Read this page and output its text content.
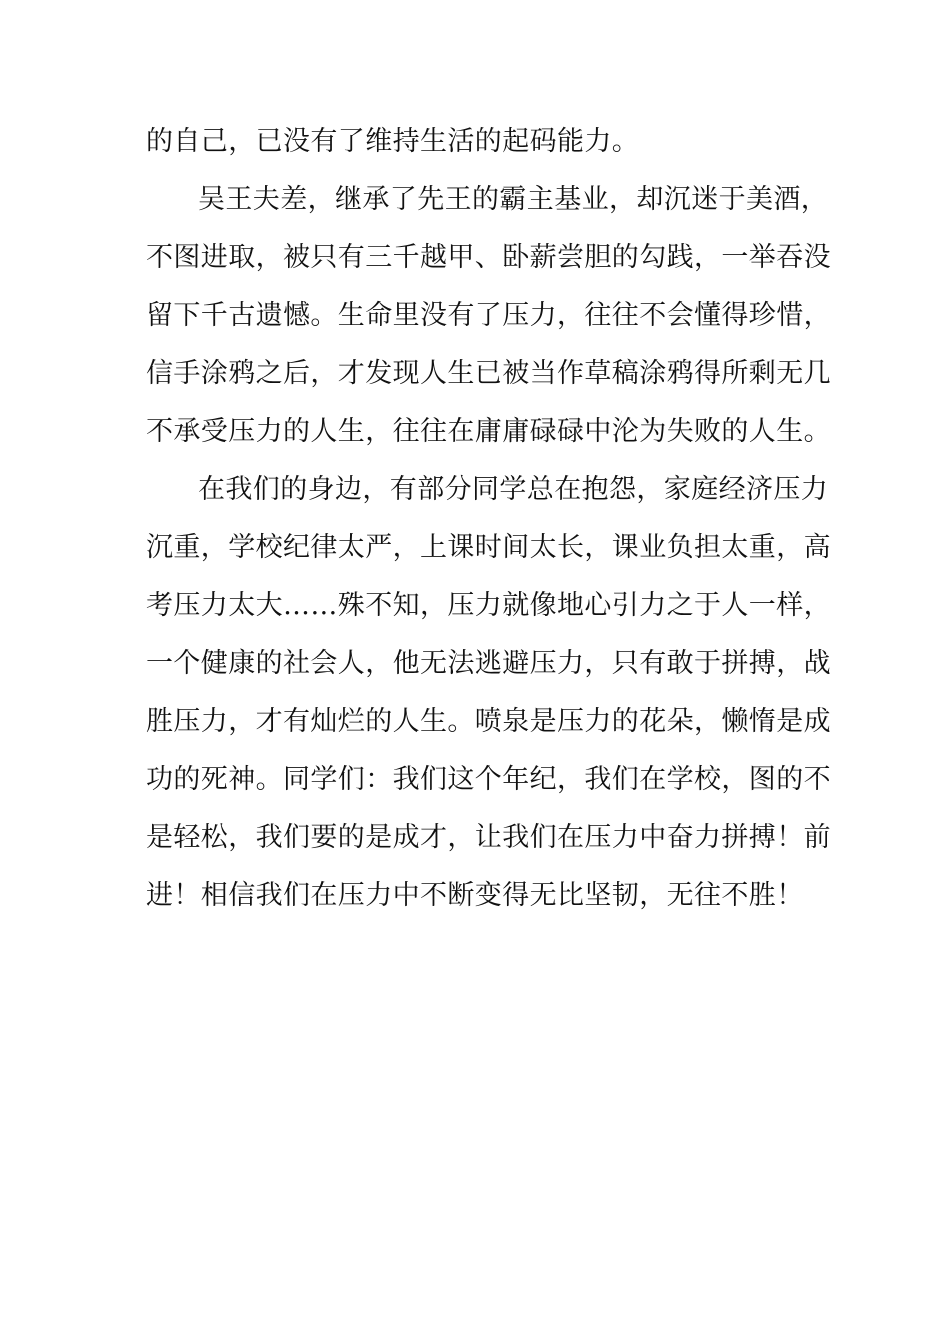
的自己，已没有了维持生活的起码能力。
吴王夫差，继承了先王的霸主基业，却沉迷于美酒，
不图进取，被只有三千越甲、卧薪尝胆的勾践，一举吞没
留下千古遗憾。生命里没有了压力，往往不会懂得珍惜，
信手涂鸦之后，才发现人生已被当作草稿涂鸦得所剩无几
不承受压力的人生，往往在庸庸碌碌中沦为失败的人生。
在我们的身边，有部分同学总在抱怨，家庭经济压力
沉重，学校纪律太严，上课时间太长，课业负担太重，高
考压力太大……殊不知，压力就像地心引力之于人一样，
一个健康的社会人，他无法逃避压力，只有敢于拼搏，战
胜压力，才有灿烂的人生。喷泉是压力的花朵，懒惰是成
功的死神。同学们：我们这个年纪，我们在学校，图的不
是轻松，我们要的是成才，让我们在压力中奋力拼搏！前
进！相信我们在压力中不断变得无比坚韧，无往不胜！
